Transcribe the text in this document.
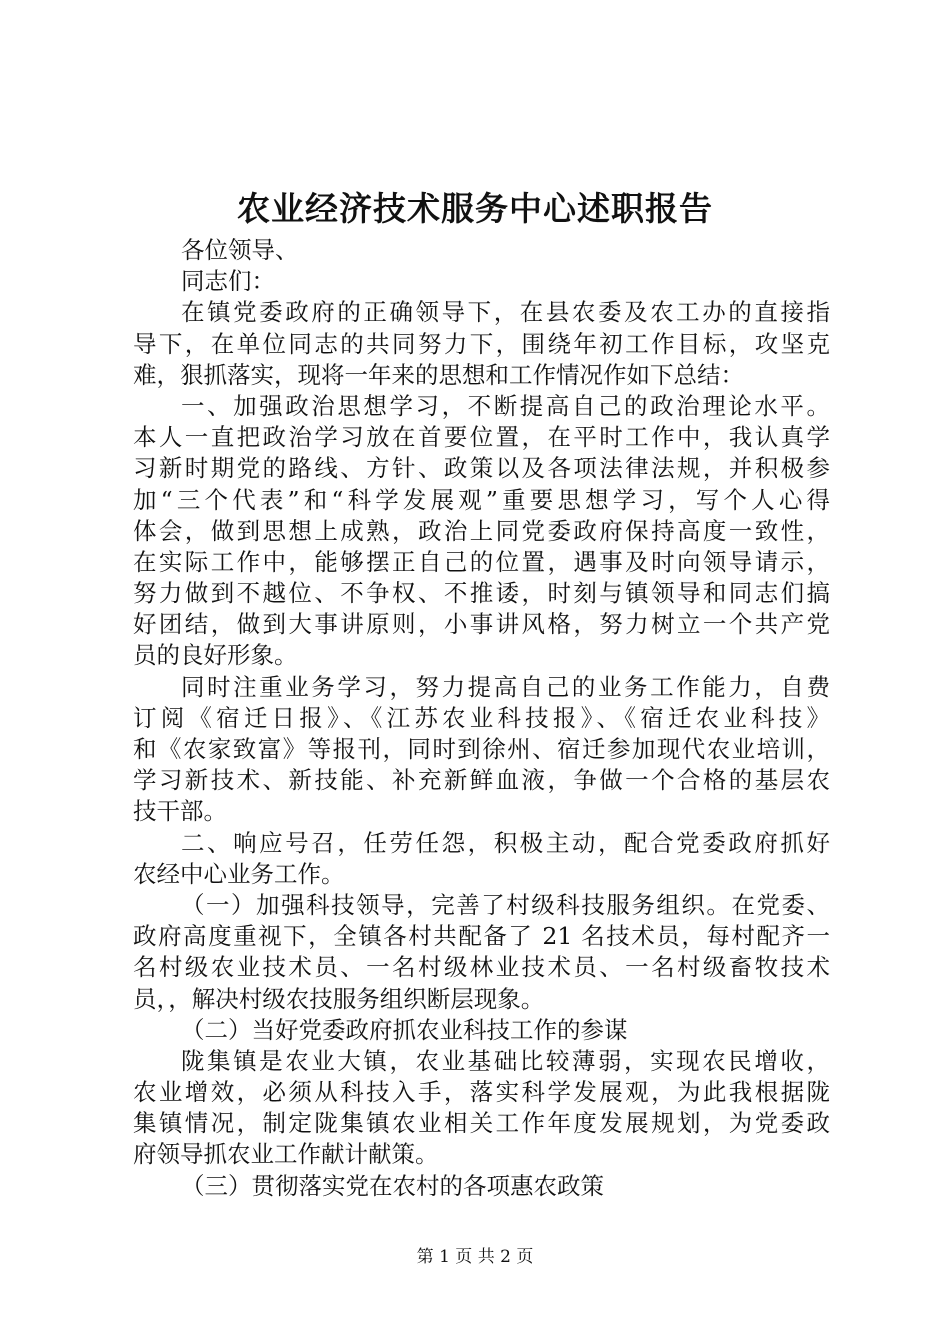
农业经济技术服务中心述职报告
各位领导、
同志们：
在镇党委政府的正确领导下，在县农委及农工办的直接指
导下，在单位同志的共同努力下，围绕年初工作目标，攻坚克
难，狠抓落实，现将一年来的思想和工作情况作如下总结：
一、加强政治思想学习，不断提高自己的政治理论水平。
本人一直把政治学习放在首要位置，在平时工作中，我认真学
习新时期党的路线、方针、政策以及各项法律法规，并积极参
加“三个代表”和“科学发展观”重要思想学习，写个人心得
体会，做到思想上成熟，政治上同党委政府保持高度一致性，
在实际工作中，能够摆正自己的位置，遇事及时向领导请示，
努力做到不越位、不争权、不推诿，时刻与镇领导和同志们搞
好团结，做到大事讲原则，小事讲风格，努力树立一个共产党
员的良好形象。
同时注重业务学习，努力提高自己的业务工作能力，自费
订阅《宿迁日报》、《江苏农业科技报》、《宿迁农业科技》
和《农家致富》等报刊，同时到徐州、宿迁参加现代农业培训，
学习新技术、新技能、补充新鲜血液，争做一个合格的基层农
技干部。
二、响应号召，任劳任怨，积极主动，配合党委政府抓好
农经中心业务工作。
（一）加强科技领导，完善了村级科技服务组织。在党委、
政府高度重视下，全镇各村共配备了 21 名技术员，每村配齐一
名村级农业技术员、一名村级林业技术员、一名村级畜牧技术
员，，解决村级农技服务组织断层现象。
（二）当好党委政府抓农业科技工作的参谋
陇集镇是农业大镇，农业基础比较薄弱，实现农民增收，
农业增效，必须从科技入手，落实科学发展观，为此我根据陇
集镇情况，制定陇集镇农业相关工作年度发展规划，为党委政
府领导抓农业工作献计献策。
（三）贯彻落实党在农村的各项惠农政策
第 1 页 共 2 页
